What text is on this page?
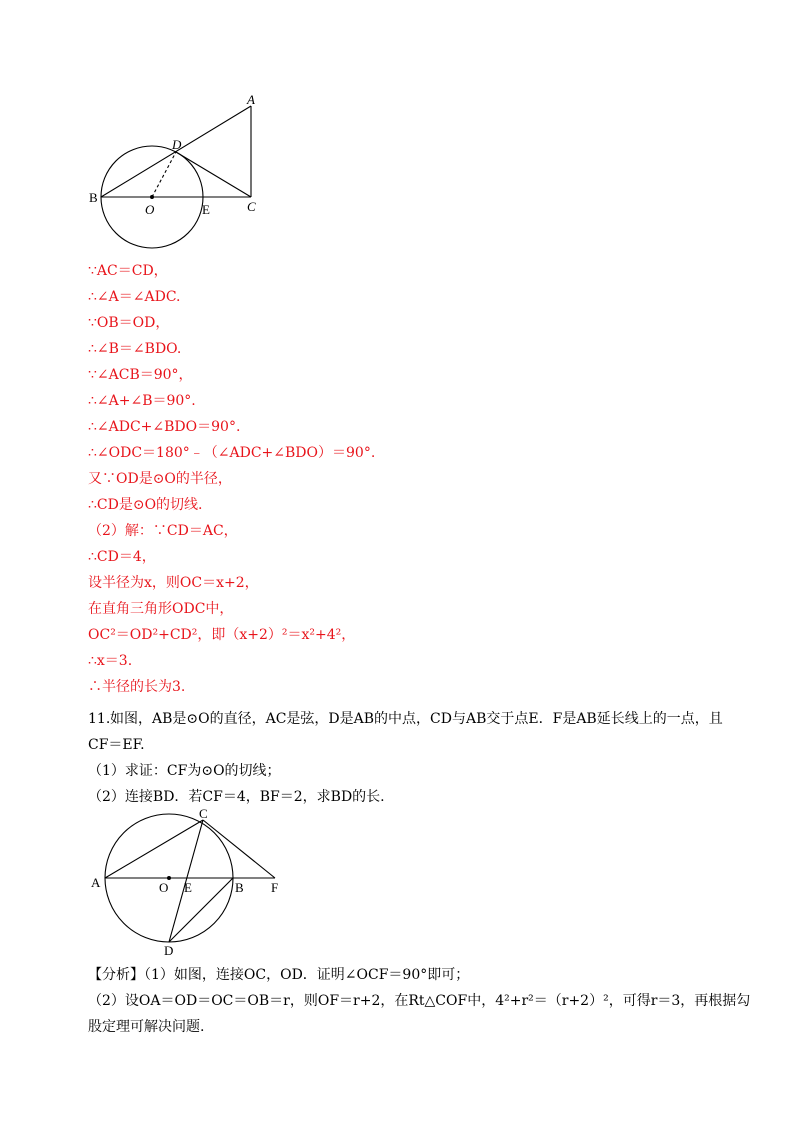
A
B
C
D
O	E
∵AC＝CD，
∴∠A＝∠ADC.
∵OB＝OD，
∴∠B＝∠BDO.
∵∠ACB＝90°，
∴∠A+∠B＝90°.
∴∠ADC+∠BDO＝90°.
∴∠ODC＝180°﹣（∠ADC+∠BDO）＝90°.
又∵OD是⊙O的半径，
∴CD是⊙O的切线.
（2）解：∵CD＝AC，
∴CD＝4，
设半径为x，则OC＝x+2，
在直角三角形ODC中，
OC²＝OD²+CD²，即（x+2）²＝x²+4²，
∴x＝3.
∴半径的长为3.
11. 如图，AB是⊙O的直径，AC是弦，D是AB的中点，CD与AB交于点E．F是AB延长线上的一点，且
CF＝EF.
（1）求证：CF为⊙O的切线；
（2）连接BD．若CF＝4，BF＝2，求BD的长.
A
C
O E	B F
D
【分析】（1）如图，连接OC，OD．证明∠OCF＝90°即可；
（2）设OA＝OD＝OC＝OB＝r，则OF＝r+2，在Rt△COF中，4²+r²＝（r+2）²，可得r＝3，再根据勾
股定理可解决问题.
